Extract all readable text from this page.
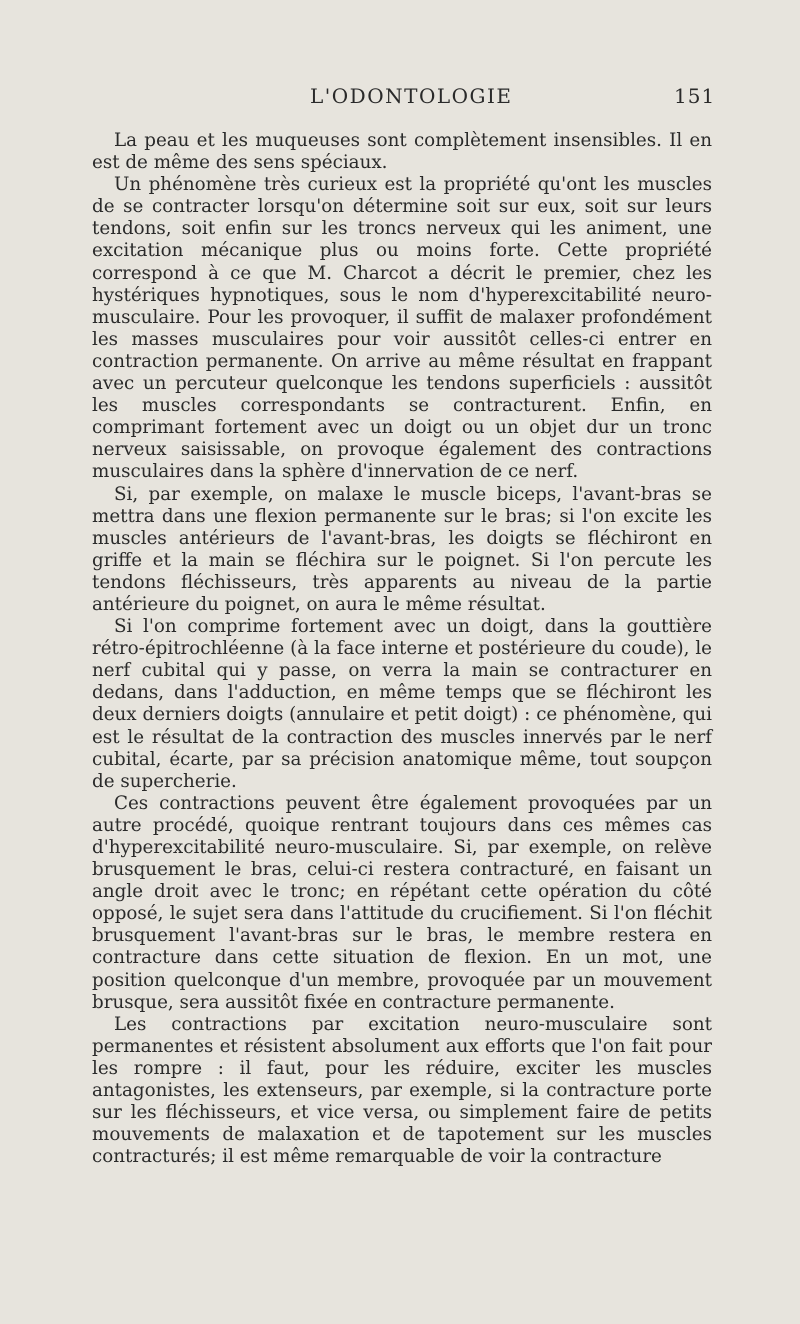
L'ODONTOLOGIE	151

La peau et les muqueuses sont complètement insensibles. Il en est de même des sens spéciaux.

Un phénomène très curieux est la propriété qu'ont les muscles de se contracter lorsqu'on détermine soit sur eux, soit sur leurs tendons, soit enfin sur les troncs nerveux qui les animent, une excitation mécanique plus ou moins forte. Cette propriété correspond à ce que M. Charcot a décrit le premier, chez les hystériques hypnotiques, sous le nom d'hyperexcitabilité neuro-musculaire. Pour les provoquer, il suffit de malaxer profondément les masses musculaires pour voir aussitôt celles-ci entrer en contraction permanente. On arrive au même résultat en frappant avec un percuteur quelconque les tendons superficiels : aussitôt les muscles correspondants se contracturent. Enfin, en comprimant fortement avec un doigt ou un objet dur un tronc nerveux saisissable, on provoque également des contractions musculaires dans la sphère d'innervation de ce nerf.

Si, par exemple, on malaxe le muscle biceps, l'avant-bras se mettra dans une flexion permanente sur le bras; si l'on excite les muscles antérieurs de l'avant-bras, les doigts se fléchiront en griffe et la main se fléchira sur le poignet. Si l'on percute les tendons fléchisseurs, très apparents au niveau de la partie antérieure du poignet, on aura le même résultat.

Si l'on comprime fortement avec un doigt, dans la gouttière rétro-épitrochléenne (à la face interne et postérieure du coude), le nerf cubital qui y passe, on verra la main se contracturer en dedans, dans l'adduction, en même temps que se fléchiront les deux derniers doigts (annulaire et petit doigt) : ce phénomène, qui est le résultat de la contraction des muscles innervés par le nerf cubital, écarte, par sa précision anatomique même, tout soupçon de supercherie.

Ces contractions peuvent être également provoquées par un autre procédé, quoique rentrant toujours dans ces mêmes cas d'hyperexcitabilité neuro-musculaire. Si, par exemple, on relève brusquement le bras, celui-ci restera contracturé, en faisant un angle droit avec le tronc; en répétant cette opération du côté opposé, le sujet sera dans l'attitude du crucifiement. Si l'on fléchit brusquement l'avant-bras sur le bras, le membre restera en contracture dans cette situation de flexion. En un mot, une position quelconque d'un membre, provoquée par un mouvement brusque, sera aussitôt fixée en contracture permanente.

Les contractions par excitation neuro-musculaire sont permanentes et résistent absolument aux efforts que l'on fait pour les rompre : il faut, pour les réduire, exciter les muscles antagonistes, les extenseurs, par exemple, si la contracture porte sur les fléchisseurs, et vice versa, ou simplement faire de petits mouvements de malaxation et de tapotement sur les muscles contracturés; il est même remarquable de voir la contracture
